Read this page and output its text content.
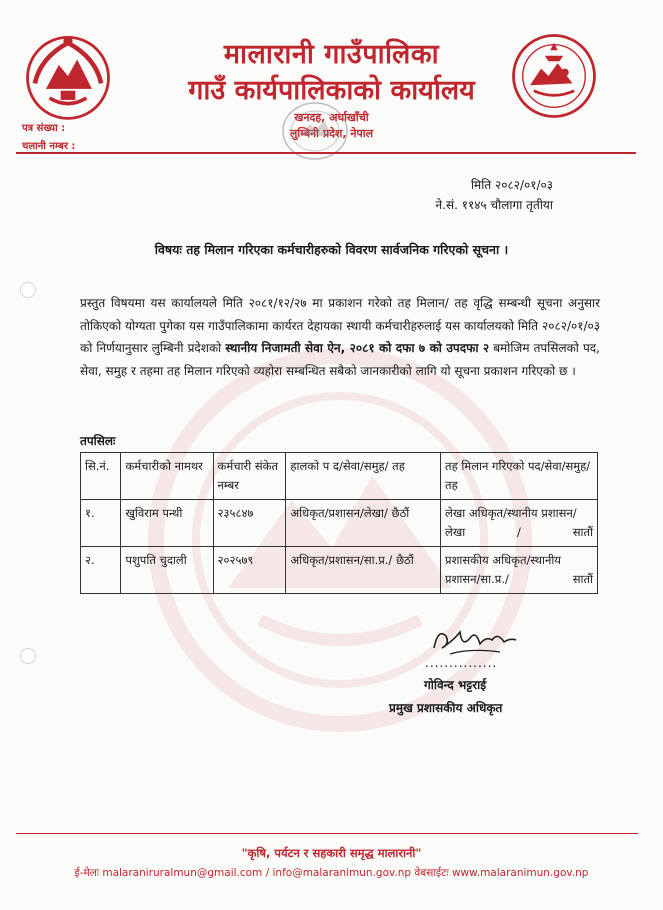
मालारानी गाउँपालिका
गाउँ कार्यपालिकाको कार्यालय
खनदह, अर्घाखाँची
लुम्बिनी प्रदेश, नेपाल
पत्र संख्या :
चलानी नम्बर :
मिति २०८२/०१/०३
ने.सं. ११४५ चौलागा तृतीया
विषयः तह मिलान गरिएका कर्मचारीहरुको विवरण सार्वजनिक गरिएको सूचना ।
प्रस्तुत विषयमा यस कार्यालयले मिति २०८१/१२/२७ मा प्रकाशन गरेको तह मिलान/ तह वृद्धि सम्बन्धी सूचना अनुसार तोकिएको योग्यता पुगेका यस गाउँपालिकामा कार्यरत देहायका स्थायी कर्मचारीहरुलाई यस कार्यालयको मिति २०८२/०१/०३ को निर्णयानुसार लुम्बिनी प्रदेशको स्थानीय निजामती सेवा ऐन, २०८१ को दफा ७ को उपदफा २ बमोजिम तपसिलको पद, सेवा, समुह र तहमा तह मिलान गरिएको व्यहोरा सम्बन्धित सबैको जानकारीको लागि यो सूचना प्रकाशन गरिएको छ ।
तपसिलः
सि.नं.	कर्मचारीको नामथर	कर्मचारी संकेत नम्बर	हालको प द/सेवा/समुह/ तह	तह मिलान गरिएको पद/सेवा/समुह/तह
१.	खुविराम पन्थी	२३५८४७	अधिकृत/प्रशासन/लेखा/ छैठौं	लेखा अधिकृत/स्थानीय प्रशासन/ लेखा / सातौं
२.	पशुपति चुदाली	२०२५७९	अधिकृत/प्रशासन/सा.प्र./ छैठौं	प्रशासकीय अधिकृत/स्थानीय प्रशासन/सा.प्र./ सातौं
...............
गोविन्द भट्टराई
प्रमुख प्रशासकीय अधिकृत
"कृषि, पर्यटन र सहकारी समृद्ध मालारानी"
ई-मेलः malaraniruralmun@gmail.com / info@malaranimun.gov.np वेबसाईटः www.malaranimun.gov.np
